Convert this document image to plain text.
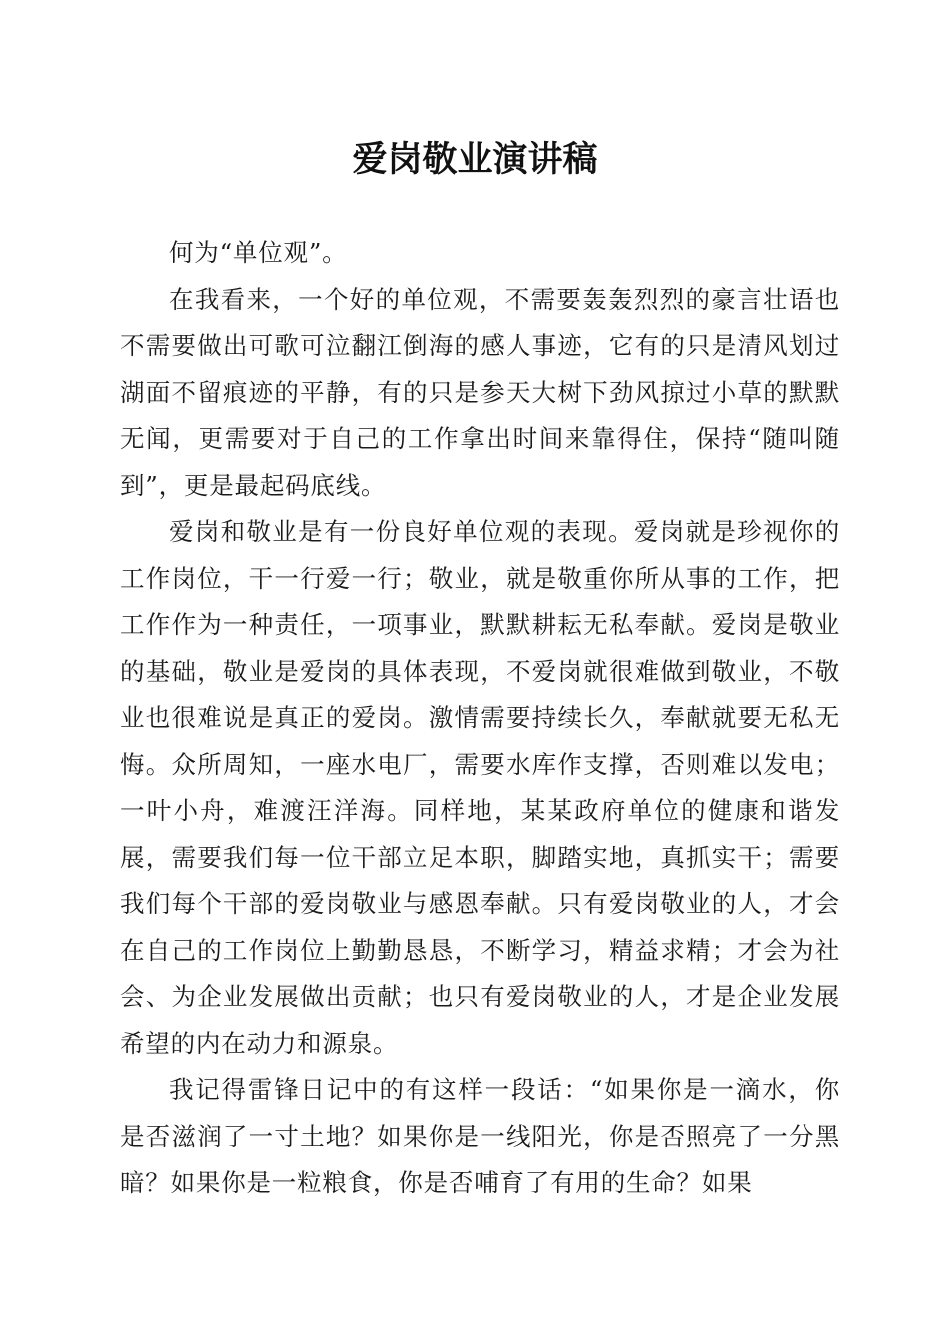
爱岗敬业演讲稿

何为“单位观”。

在我看来，一个好的单位观，不需要轰轰烈烈的豪言壮语也不需要做出可歌可泣翻江倒海的感人事迹，它有的只是清风划过湖面不留痕迹的平静，有的只是参天大树下劲风掠过小草的默默无闻，更需要对于自己的工作拿出时间来靠得住，保持“随叫随到”，更是最起码底线。

爱岗和敬业是有一份良好单位观的表现。爱岗就是珍视你的工作岗位，干一行爱一行；敬业，就是敬重你所从事的工作，把工作作为一种责任，一项事业，默默耕耘无私奉献。爱岗是敬业的基础，敬业是爱岗的具体表现，不爱岗就很难做到敬业，不敬业也很难说是真正的爱岗。激情需要持续长久，奉献就要无私无悔。众所周知，一座水电厂，需要水库作支撑，否则难以发电；一叶小舟，难渡汪洋海。同样地，某某政府单位的健康和谐发展，需要我们每一位干部立足本职，脚踏实地，真抓实干；需要我们每个干部的爱岗敬业与感恩奉献。只有爱岗敬业的人，才会在自己的工作岗位上勤勤恳恳，不断学习，精益求精；才会为社会、为企业发展做出贡献；也只有爱岗敬业的人，才是企业发展希望的内在动力和源泉。

我记得雷锋日记中的有这样一段话：“如果你是一滴水，你是否滋润了一寸土地？如果你是一线阳光，你是否照亮了一分黑暗？如果你是一粒粮食，你是否哺育了有用的生命？如果
